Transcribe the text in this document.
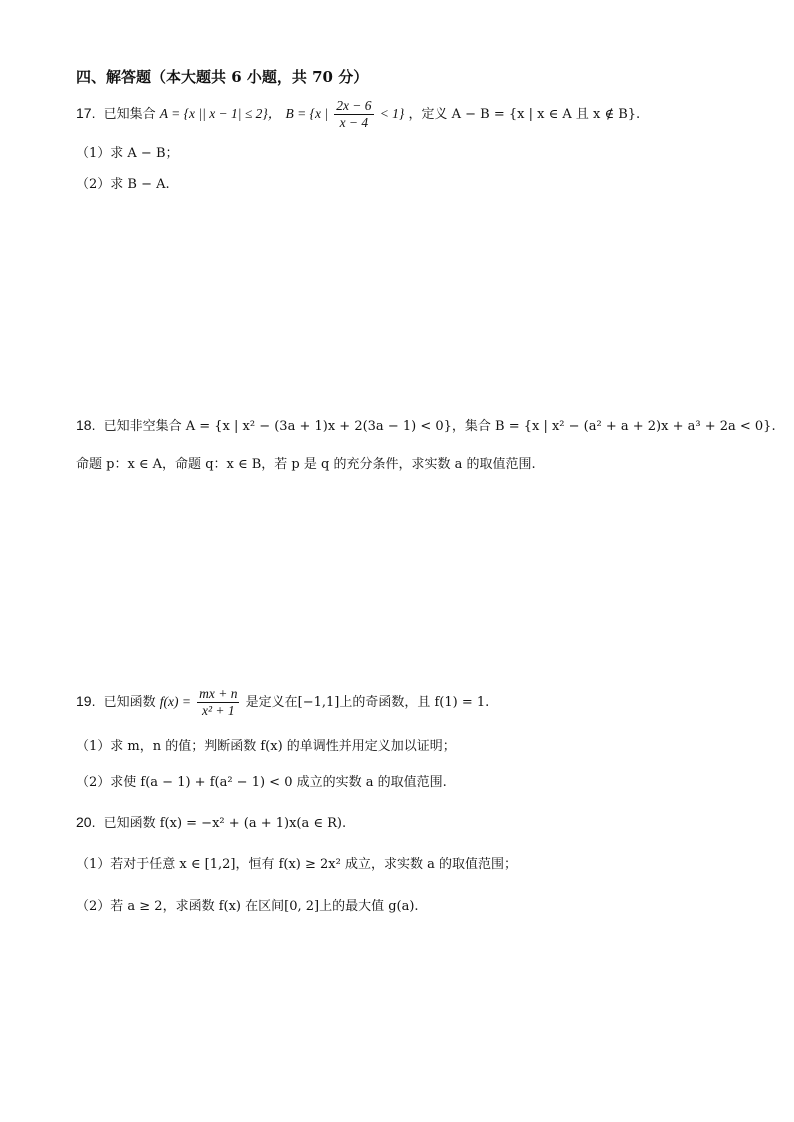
四、解答题（本大题共 6 小题，共 70 分）
17. 已知集合 A = {x || x − 1| ≤ 2}， B = {x | $\frac{2x - 6}{x - 4} < 1$} ，定义 A − B = {x | x ∈ A 且 x ∉ B}.
（1）求 A − B；
（2）求 B − A.
18. 已知非空集合 A = {x | x² − (3a + 1)x + 2(3a − 1) < 0}，集合 B = {x | x² − (a² + a + 2)x + a³ + 2a < 0}.
命题 p：x ∈ A，命题 q：x ∈ B，若 p 是 q 的充分条件，求实数 a 的取值范围.
19. 已知函数 $f(x) = \frac{mx + n}{\text{x² + 1}}$ 是定义在[−1,1]上的奇函数，且 f(1) = 1.
（1）求 m，n 的值；判断函数 f(x) 的单调性并用定义加以证明；
（2）求使 f(a − 1) + f(a² − 1) < 0 成立的实数 a 的取值范围.
20. 已知函数 f(x) = −x² + (a + 1)x(a ∈ R).
（1）若对于任意 x ∈ [1,2]，恒有 f(x) ≥ 2x² 成立，求实数 a 的取值范围；
（2）若 a ≥ 2，求函数 f(x) 在区间[0, 2]上的最大值 g(a).
